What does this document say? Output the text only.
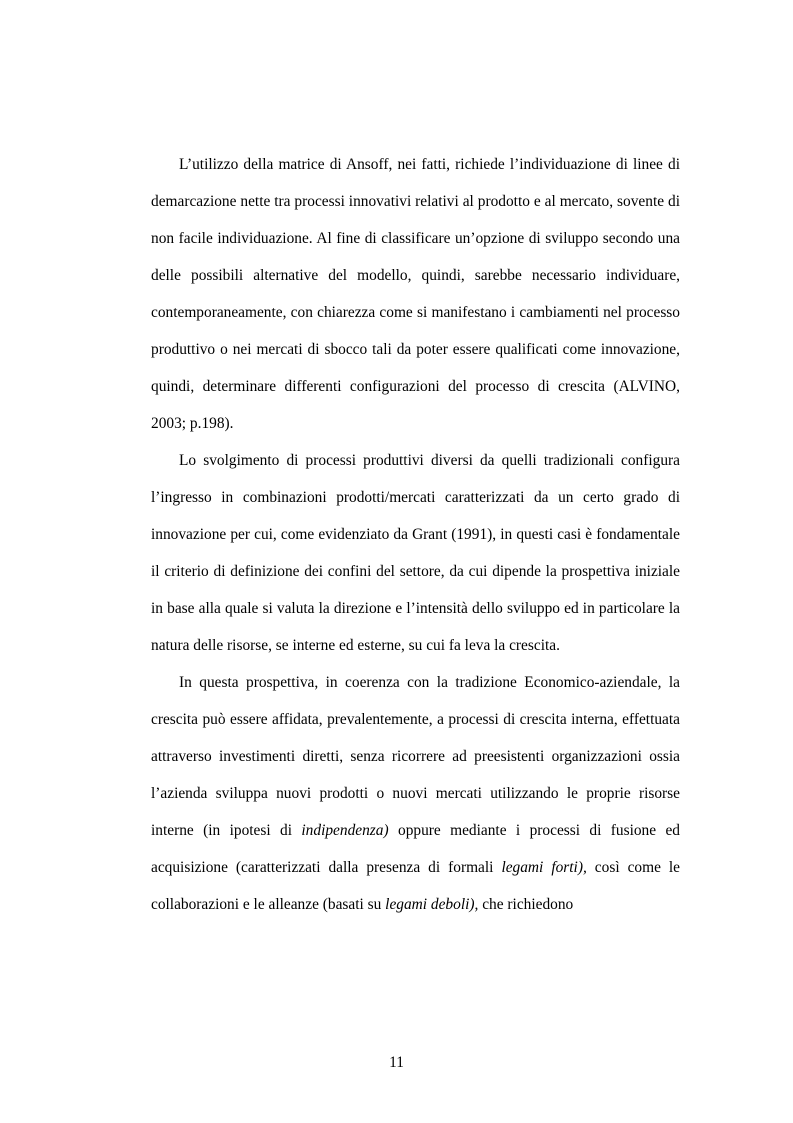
L’utilizzo della matrice di Ansoff, nei fatti, richiede l’individuazione di linee di demarcazione nette tra processi innovativi relativi al prodotto e al mercato, sovente di non facile individuazione. Al fine di classificare un’opzione di sviluppo secondo una delle possibili alternative del modello, quindi, sarebbe necessario individuare, contemporaneamente, con chiarezza come si manifestano i cambiamenti nel processo produttivo o nei mercati di sbocco tali da poter essere qualificati come innovazione, quindi, determinare differenti configurazioni del processo di crescita (ALVINO, 2003; p.198).

Lo svolgimento di processi produttivi diversi da quelli tradizionali configura l’ingresso in combinazioni prodotti/mercati caratterizzati da un certo grado di innovazione per cui, come evidenziato da Grant (1991), in questi casi è fondamentale il criterio di definizione dei confini del settore, da cui dipende la prospettiva iniziale in base alla quale si valuta la direzione e l’intensità dello sviluppo ed in particolare la natura delle risorse, se interne ed esterne, su cui fa leva la crescita.

In questa prospettiva, in coerenza con la tradizione Economico-aziendale, la crescita può essere affidata, prevalentemente, a processi di crescita interna, effettuata attraverso investimenti diretti, senza ricorrere ad preesistenti organizzazioni ossia l’azienda sviluppa nuovi prodotti o nuovi mercati utilizzando le proprie risorse interne (in ipotesi di indipendenza) oppure mediante i processi di fusione ed acquisizione (caratterizzati dalla presenza di formali legami forti), così come le collaborazioni e le alleanze (basati su legami deboli), che richiedono

11
